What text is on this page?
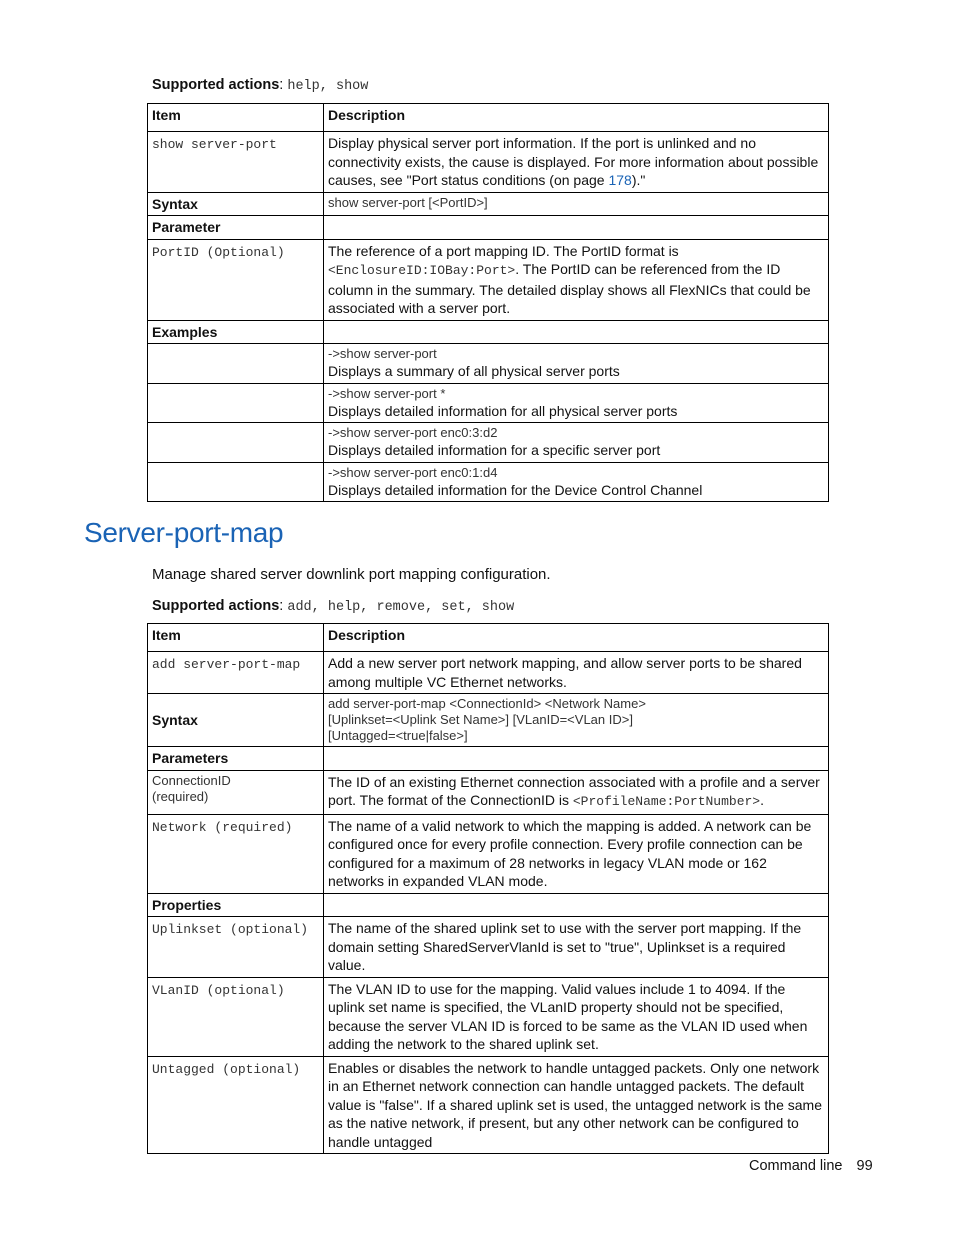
Supported actions: help, show
Item	Description
show server-port	Display physical server port information. If the port is unlinked and no connectivity exists, the cause is displayed. For more information about possible causes, see "Port status conditions (on page 178)."
Syntax	show server-port [<PortID>]

Parameter	
PortID (Optional)	The reference of a port mapping ID. The PortID format is <EnclosureID:IOBay:Port>. The PortID can be referenced from the ID column in the summary. The detailed display shows all FlexNICs that could be associated with a server port.
Examples	

	->show server-port
Displays a summary of all physical server ports

	->show server-port *
Displays detailed information for all physical server ports

	->show server-port enc0:3:d2
Displays detailed information for a specific server port

	->show server-port enc0:1:d4
Displays detailed information for the Device Control Channel
Server-port-map

Manage shared server downlink port mapping configuration.

Supported actions: add, help, remove, set, show
Item	Description
add server-port-map	Add a new server port network mapping, and allow server ports to be shared among multiple VC Ethernet networks.
Syntax	add server-port-map <ConnectionId> <Network Name>
[Uplinkset=<Uplink Set Name>] [VLanID=<VLan ID>]
[Untagged=<true|false>]

Parameters	

ConnectionID
(required)	The ID of an existing Ethernet connection associated with a profile and a server port. The format of the ConnectionID is <ProfileName:PortNumber>.
Network (required)	The name of a valid network to which the mapping is added. A network can be configured once for every profile connection. Every profile connection can be configured for a maximum of 28 networks in legacy VLAN mode or 162 networks in expanded VLAN mode.
Properties	
Uplinkset (optional)	The name of the shared uplink set to use with the server port mapping. If the domain setting SharedServerVlanId is set to "true", Uplinkset is a required value.
VLanID (optional)	The VLAN ID to use for the mapping. Valid values include 1 to 4094. If the uplink set name is specified, the VLanID property should not be specified, because the server VLAN ID is forced to be same as the VLAN ID used when adding the network to the shared uplink set.
Untagged (optional)	Enables or disables the network to handle untagged packets. Only one network in an Ethernet network connection can handle untagged packets. The default value is "false". If a shared uplink set is used, the untagged network is the same as the native network, if present, but any other network can be configured to handle untagged
Command line 99
